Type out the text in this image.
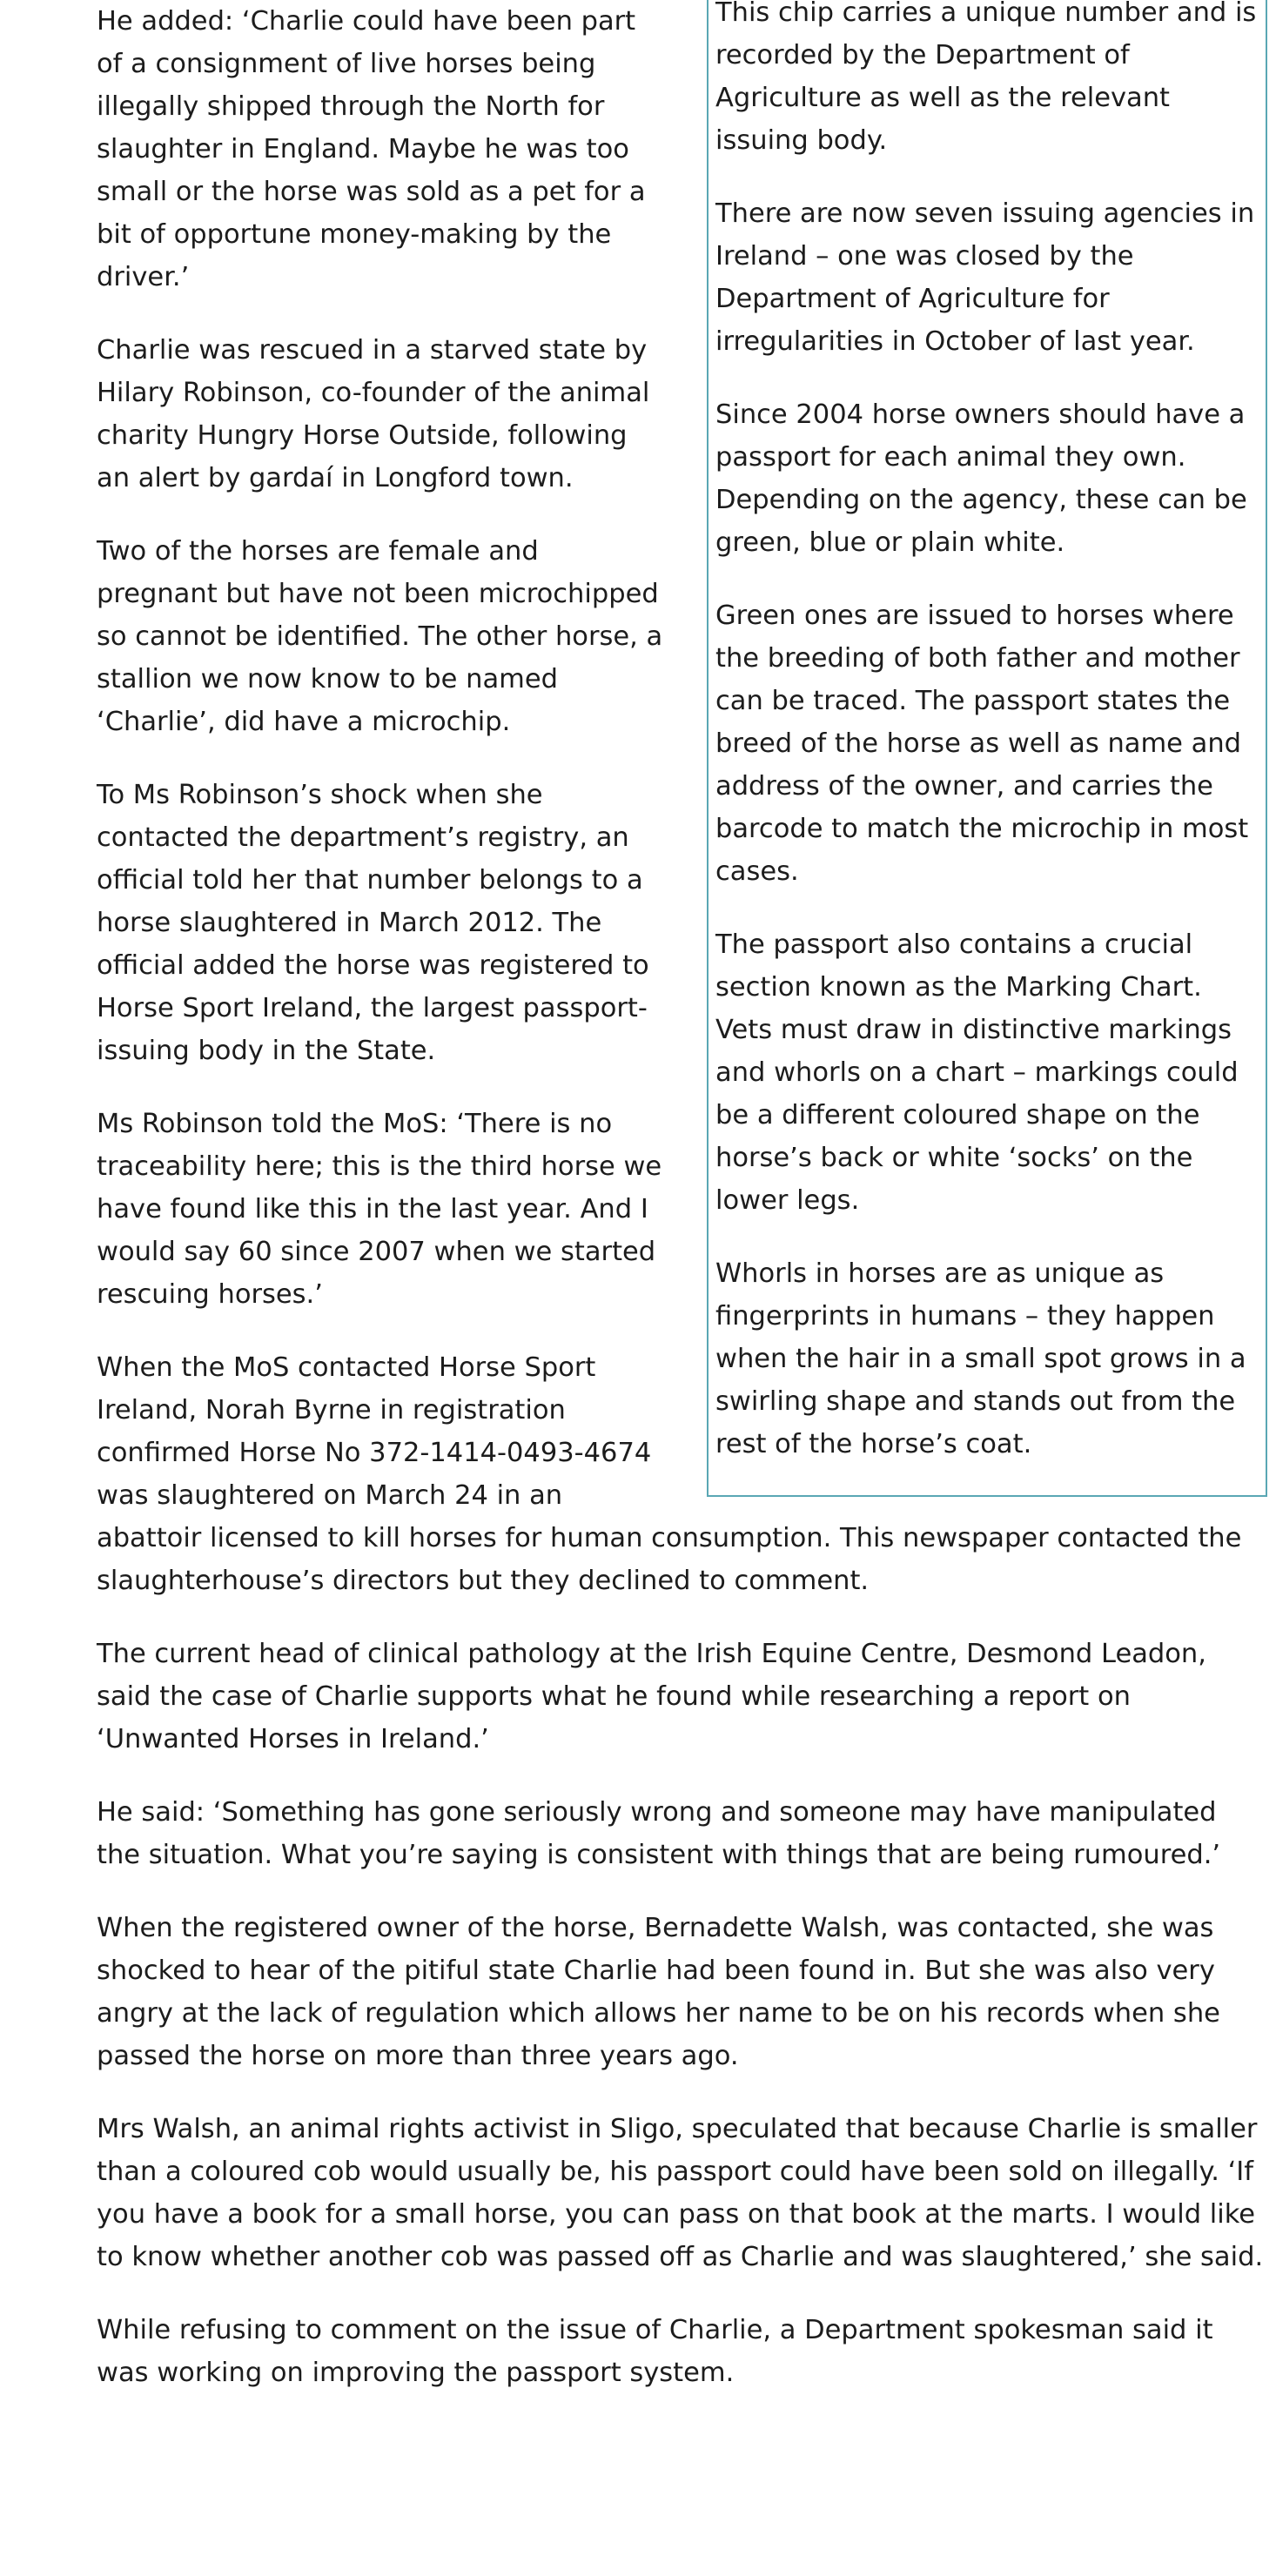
This chip carries a unique number and is recorded by the Department of Agriculture as well as the relevant issuing body.

There are now seven issuing agencies in Ireland – one was closed by the Department of Agriculture for irregularities in October of last year.

Since 2004 horse owners should have a passport for each animal they own. Depending on the agency, these can be green, blue or plain white.

Green ones are issued to horses where the breeding of both father and mother can be traced. The passport states the breed of the horse as well as name and address of the owner, and carries the barcode to match the microchip in most cases.

The passport also contains a crucial section known as the Marking Chart. Vets must draw in distinctive markings and whorls on a chart – markings could be a different coloured shape on the horse’s back or white ‘socks’ on the lower legs.

Whorls in horses are as unique as fingerprints in humans – they happen when the hair in a small spot grows in a swirling shape and stands out from the rest of the horse’s coat.

He added: ‘Charlie could have been part of a consignment of live horses being illegally shipped through the North for slaughter in England. Maybe he was too small or the horse was sold as a pet for a bit of opportune money-making by the driver.’

Charlie was rescued in a starved state by Hilary Robinson, co-founder of the animal charity Hungry Horse Outside, following an alert by gardaí in Longford town.

Two of the horses are female and pregnant but have not been microchipped so cannot be identified. The other horse, a stallion we now know to be named ‘Charlie’, did have a microchip.

To Ms Robinson’s shock when she contacted the department’s registry, an official told her that number belongs to a horse slaughtered in March 2012. The official added the horse was registered to Horse Sport Ireland, the largest passport-issuing body in the State.

Ms Robinson told the MoS: ‘There is no traceability here; this is the third horse we have found like this in the last year. And I would say 60 since 2007 when we started rescuing horses.’

When the MoS contacted Horse Sport Ireland, Norah Byrne in registration confirmed Horse No 372-1414-0493-4674 was slaughtered on March 24 in an abattoir licensed to kill horses for human consumption. This newspaper contacted the slaughterhouse’s directors but they declined to comment.

The current head of clinical pathology at the Irish Equine Centre, Desmond Leadon, said the case of Charlie supports what he found while researching a report on ‘Unwanted Horses in Ireland.’

He said: ‘Something has gone seriously wrong and someone may have manipulated the situation. What you’re saying is consistent with things that are being rumoured.’

When the registered owner of the horse, Bernadette Walsh, was contacted, she was shocked to hear of the pitiful state Charlie had been found in. But she was also very angry at the lack of regulation which allows her name to be on his records when she passed the horse on more than three years ago.

Mrs Walsh, an animal rights activist in Sligo, speculated that because Charlie is smaller than a coloured cob would usually be, his passport could have been sold on illegally. ‘If you have a book for a small horse, you can pass on that book at the marts. I would like to know whether another cob was passed off as Charlie and was slaughtered,’ she said.

While refusing to comment on the issue of Charlie, a Department spokesman said it was working on improving the passport system.
